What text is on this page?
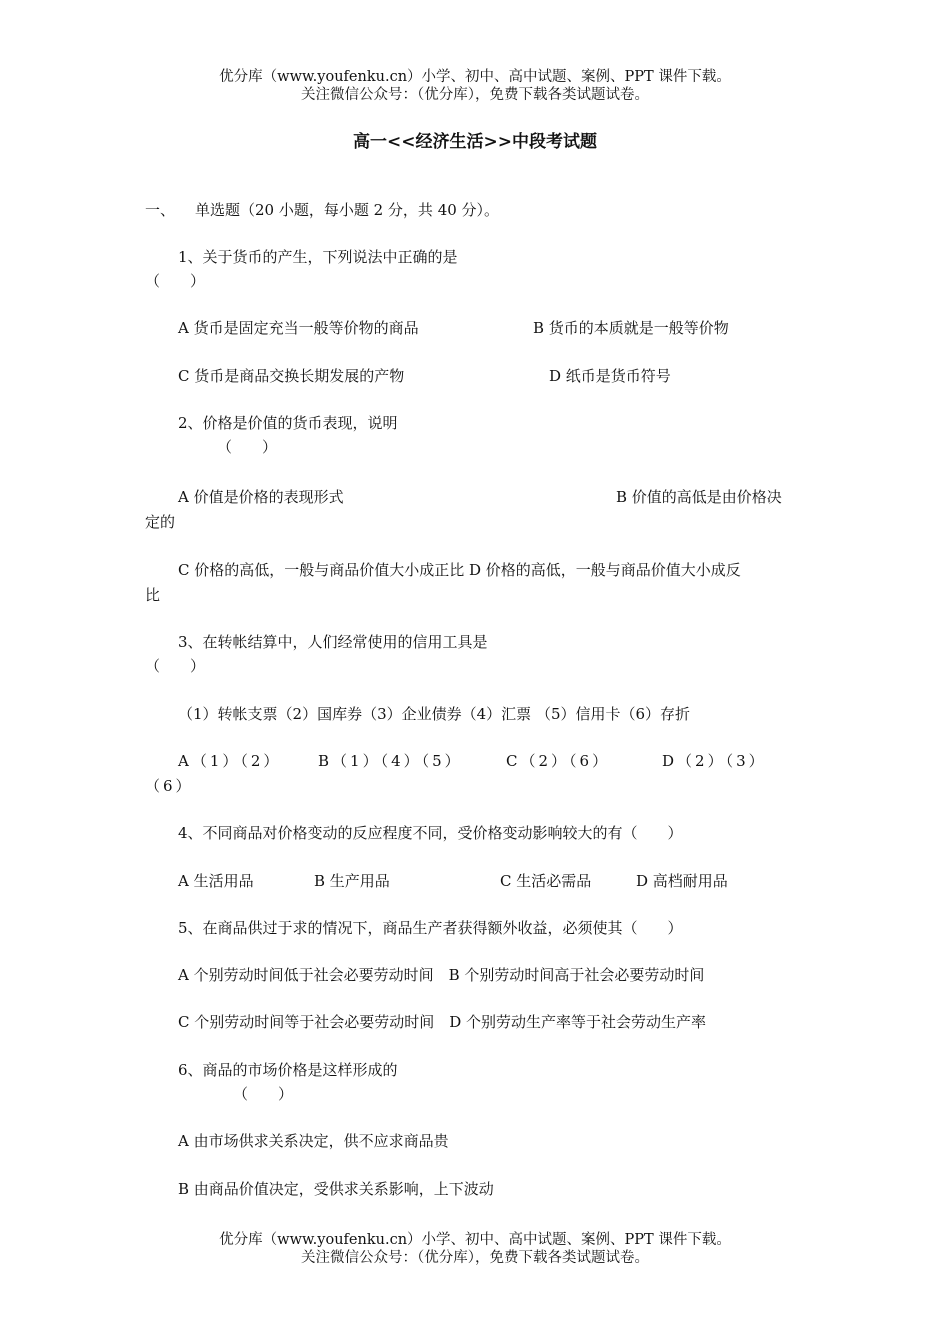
优分库（www.youfenku.cn）小学、初中、高中试题、案例、PPT 课件下载。
关注微信公众号：（优分库），免费下载各类试题试卷。
高一<<经济生活>>中段考试题
一、 单选题（20 小题，每小题 2 分，共 40 分）。
1、关于货币的产生，下列说法中正确的是
（　　）
A 货币是固定充当一般等价物的商品	B 货币的本质就是一般等价物
C 货币是商品交换长期发展的产物	D 纸币是货币符号
2、价格是价值的货币表现，说明
（　　）
A 价值是价格的表现形式	B 价值的高低是由价格决
定的
C 价格的高低，一般与商品价值大小成正比 D 价格的高低，一般与商品价值大小成反
比
3、在转帐结算中，人们经常使用的信用工具是
（　　）
（1）转帐支票（2）国库券（3）企业债券（4）汇票 （5）信用卡（6）存折
A（1）（2） B（1）（4）（5）	C（2）（6）	D（2）（3）
（6）
4、不同商品对价格变动的反应程度不同，受价格变动影响较大的有（　　）
A 生活用品	B 生产用品	C 生活必需品	D 高档耐用品
5、在商品供过于求的情况下，商品生产者获得额外收益，必须使其（　　）
A 个别劳动时间低于社会必要劳动时间　B 个别劳动时间高于社会必要劳动时间
C 个别劳动时间等于社会必要劳动时间　D 个别劳动生产率等于社会劳动生产率
6、商品的市场价格是这样形成的
（　　）
A 由市场供求关系决定，供不应求商品贵
B 由商品价值决定，受供求关系影响，上下波动
优分库（www.youfenku.cn）小学、初中、高中试题、案例、PPT 课件下载。
关注微信公众号：（优分库），免费下载各类试题试卷。
